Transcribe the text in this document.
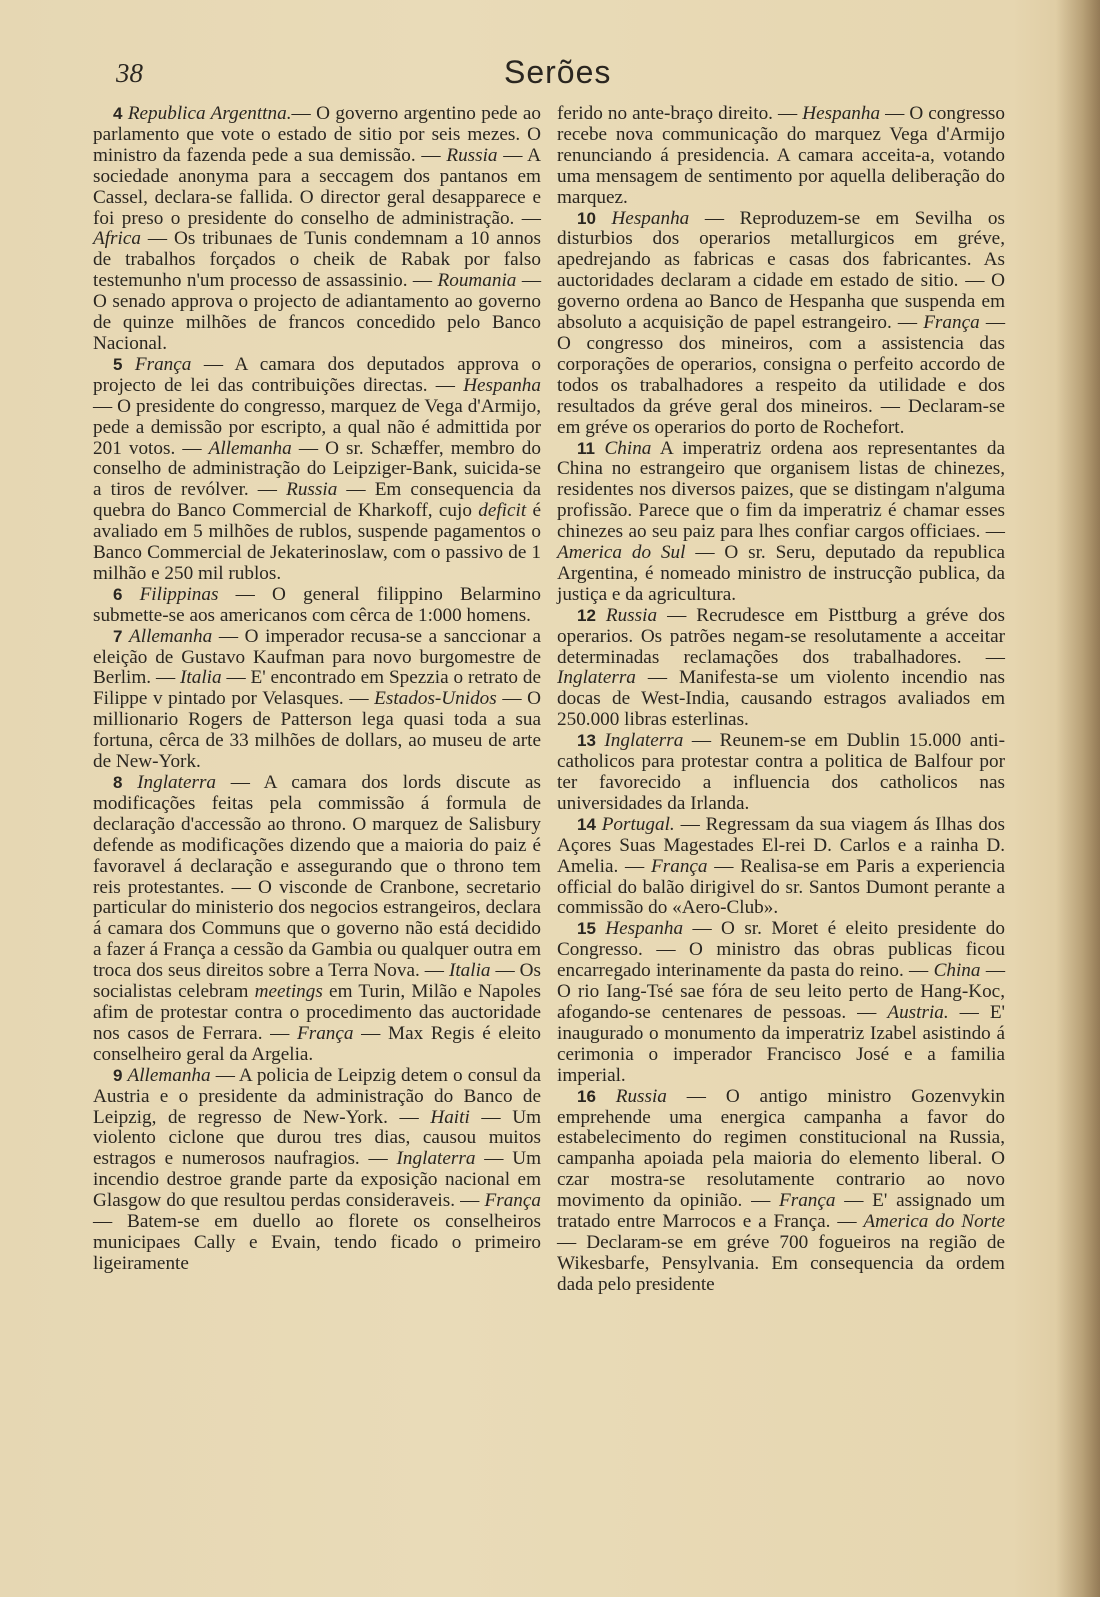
38	Serões

4 Republica Argenttna.— O governo argentino pede ao parlamento que vote o estado de sitio por seis mezes. O ministro da fazenda pede a sua demissão. — Russia — A sociedade anonyma para a seccagem dos pantanos em Cassel, declara-se fallida. O director geral desapparece e foi preso o presidente do conselho de administração. — Africa — Os tribunaes de Tunis condemnam a 10 annos de trabalhos forçados o cheik de Rabak por falso testemunho n'um processo de assassinio. — Roumania — O senado approva o projecto de adiantamento ao governo de quinze milhões de francos concedido pelo Banco Nacional.

5 França — A camara dos deputados approva o projecto de lei das contribuições directas. — Hespanha — O presidente do congresso, marquez de Vega d'Armijo, pede a demissão por escripto, a qual não é admittida por 201 votos. — Allemanha — O sr. Schæffer, membro do conselho de administração do Leipziger-Bank, suicida-se a tiros de revólver. — Russia — Em consequencia da quebra do Banco Commercial de Kharkoff, cujo deficit é avaliado em 5 milhões de rublos, suspende pagamentos o Banco Commercial de Jekaterinoslaw, com o passivo de 1 milhão e 250 mil rublos.

6 Filippinas — O general filippino Belarmino submette-se aos americanos com cêrca de 1:000 homens.

7 Allemanha — O imperador recusa-se a sanccionar a eleição de Gustavo Kaufman para novo burgomestre de Berlim. — Italia — E' encontrado em Spezzia o retrato de Filippe v pintado por Velasques. — Estados-Unidos — O millionario Rogers de Patterson lega quasi toda a sua fortuna, cêrca de 33 milhões de dollars, ao museu de arte de New-York.

8 Inglaterra — A camara dos lords discute as modificações feitas pela commissão á formula de declaração d'accessão ao throno. O marquez de Salisbury defende as modificações dizendo que a maioria do paiz é favoravel á declaração e assegurando que o throno tem reis protestantes. — O visconde de Cranbone, secretario particular do ministerio dos negocios estrangeiros, declara á camara dos Communs que o governo não está decidido a fazer á França a cessão da Gambia ou qualquer outra em troca dos seus direitos sobre a Terra Nova. — Italia — Os socialistas celebram meetings em Turin, Milão e Napoles afim de protestar contra o procedimento das auctoridade nos casos de Ferrara. — França — Max Regis é eleito conselheiro geral da Argelia.

9 Allemanha — A policia de Leipzig detem o consul da Austria e o presidente da administração do Banco de Leipzig, de regresso de New-York. — Haiti — Um violento ciclone que durou tres dias, causou muitos estragos e numerosos naufragios. — Inglaterra — Um incendio destroe grande parte da exposição nacional em Glasgow do que resultou perdas consideraveis. — França — Batem-se em duello ao florete os conselheiros municipaes Cally e Evain, tendo ficado o primeiro ligeiramente

ferido no ante-braço direito. — Hespanha — O congresso recebe nova communicação do marquez Vega d'Armijo renunciando á presidencia. A camara acceita-a, votando uma mensagem de sentimento por aquella deliberação do marquez.

10 Hespanha — Reproduzem-se em Sevilha os disturbios dos operarios metallurgicos em gréve, apedrejando as fabricas e casas dos fabricantes. As auctoridades declaram a cidade em estado de sitio. — O governo ordena ao Banco de Hespanha que suspenda em absoluto a acquisição de papel estrangeiro. — França — O congresso dos mineiros, com a assistencia das corporações de operarios, consigna o perfeito accordo de todos os trabalhadores a respeito da utilidade e dos resultados da gréve geral dos mineiros. — Declaram-se em gréve os operarios do porto de Rochefort.

11 China A imperatriz ordena aos representantes da China no estrangeiro que organisem listas de chinezes, residentes nos diversos paizes, que se distingam n'alguma profissão. Parece que o fim da imperatriz é chamar esses chinezes ao seu paiz para lhes confiar cargos officiaes. — America do Sul — O sr. Seru, deputado da republica Argentina, é nomeado ministro de instrucção publica, da justiça e da agricultura.

12 Russia — Recrudesce em Pisttburg a gréve dos operarios. Os patrões negam-se resolutamente a acceitar determinadas reclamações dos trabalhadores. — Inglaterra — Manifesta-se um violento incendio nas docas de West-India, causando estragos avaliados em 250.000 libras esterlinas.

13 Inglaterra — Reunem-se em Dublin 15.000 anti-catholicos para protestar contra a politica de Balfour por ter favorecido a influencia dos catholicos nas universidades da Irlanda.

14 Portugal. — Regressam da sua viagem ás Ilhas dos Açores Suas Magestades El-rei D. Carlos e a rainha D. Amelia. — França — Realisa-se em Paris a experiencia official do balão dirigivel do sr. Santos Dumont perante a commissão do «Aero-Club».

15 Hespanha — O sr. Moret é eleito presidente do Congresso. — O ministro das obras publicas ficou encarregado interinamente da pasta do reino. — China — O rio Iang-Tsé sae fóra de seu leito perto de Hang-Koc, afogando-se centenares de pessoas. — Austria. — E' inaugurado o monumento da imperatriz Izabel asistindo á cerimonia o imperador Francisco José e a familia imperial.

16 Russia — O antigo ministro Gozenvykin emprehende uma energica campanha a favor do estabelecimento do regimen constitucional na Russia, campanha apoiada pela maioria do elemento liberal. O czar mostra-se resolutamente contrario ao novo movimento da opinião. — França — E' assignado um tratado entre Marrocos e a França. — America do Norte — Declaram-se em gréve 700 fogueiros na região de Wikesbarfe, Pensylvania. Em consequencia da ordem dada pelo presidente
